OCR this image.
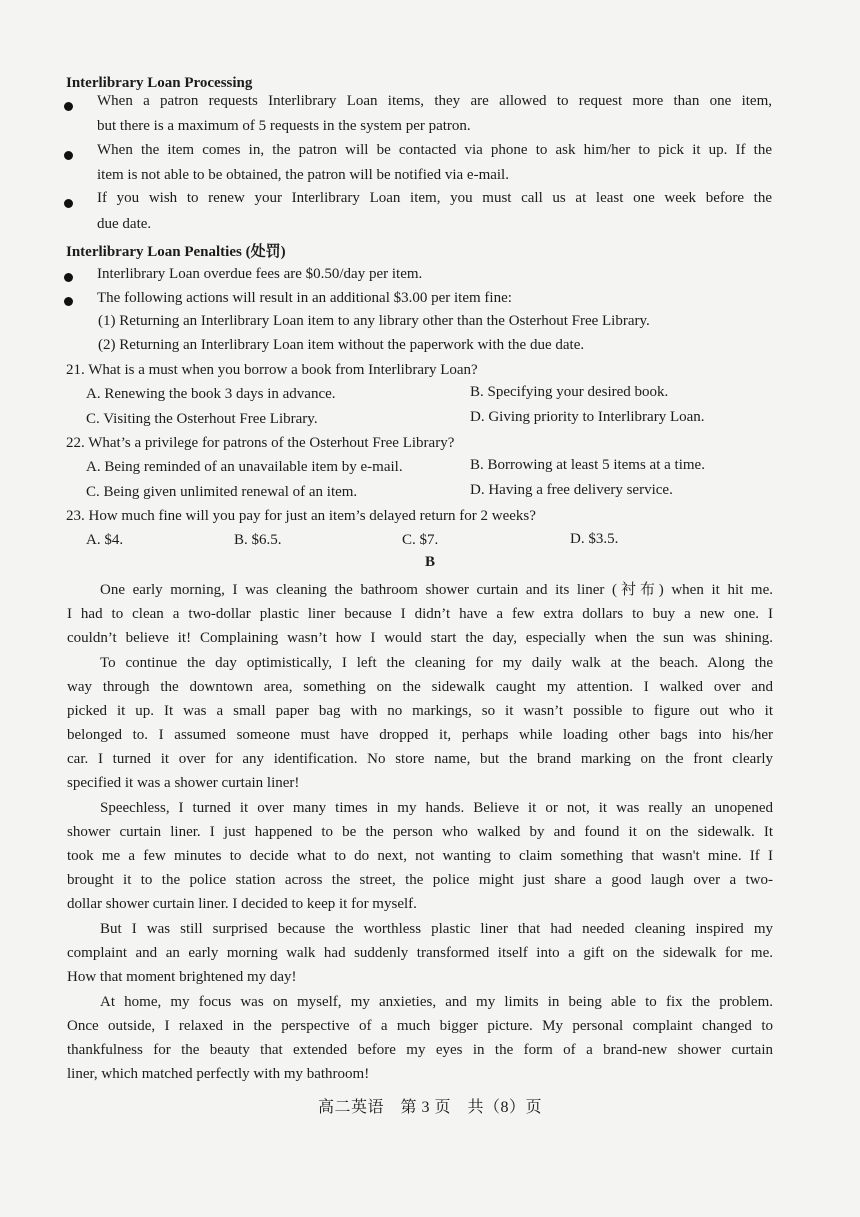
Interlibrary Loan Processing
When a patron requests Interlibrary Loan items, they are allowed to request more than one item,
but there is a maximum of 5 requests in the system per patron.
When the item comes in, the patron will be contacted via phone to ask him/her to pick it up. If the
item is not able to be obtained, the patron will be notified via e-mail.
If you wish to renew your Interlibrary Loan item, you must call us at least one week before the
due date.
Interlibrary Loan Penalties (处罚)
Interlibrary Loan overdue fees are $0.50/day per item.
The following actions will result in an additional $3.00 per item fine:
(1) Returning an Interlibrary Loan item to any library other than the Osterhout Free Library.
(2) Returning an Interlibrary Loan item without the paperwork with the due date.
21. What is a must when you borrow a book from Interlibrary Loan?
A. Renewing the book 3 days in advance.	B. Specifying your desired book.
C. Visiting the Osterhout Free Library.	D. Giving priority to Interlibrary Loan.
22. What’s a privilege for patrons of the Osterhout Free Library?
A. Being reminded of an unavailable item by e-mail.	B. Borrowing at least 5 items at a time.
C. Being given unlimited renewal of an item.	D. Having a free delivery service.
23. How much fine will you pay for just an item’s delayed return for 2 weeks?
A. $4.	B. $6.5.	C. $7.	D. $3.5.
B
One early morning, I was cleaning the bathroom shower curtain and its liner (衬布) when it hit me.
I had to clean a two-dollar plastic liner because I didn’t have a few extra dollars to buy a new one. I
couldn’t believe it! Complaining wasn’t how I would start the day, especially when the sun was shining.
To continue the day optimistically, I left the cleaning for my daily walk at the beach. Along the
way through the downtown area, something on the sidewalk caught my attention. I walked over and
picked it up. It was a small paper bag with no markings, so it wasn’t possible to figure out who it
belonged to. I assumed someone must have dropped it, perhaps while loading other bags into his/her
car. I turned it over for any identification. No store name, but the brand marking on the front clearly
specified it was a shower curtain liner!
Speechless, I turned it over many times in my hands. Believe it or not, it was really an unopened
shower curtain liner. I just happened to be the person who walked by and found it on the sidewalk. It
took me a few minutes to decide what to do next, not wanting to claim something that wasn't mine. If I
brought it to the police station across the street, the police might just share a good laugh over a two-
dollar shower curtain liner. I decided to keep it for myself.
But I was still surprised because the worthless plastic liner that had needed cleaning inspired my
complaint and an early morning walk had suddenly transformed itself into a gift on the sidewalk for me.
How that moment brightened my day!
At home, my focus was on myself, my anxieties, and my limits in being able to fix the problem.
Once outside, I relaxed in the perspective of a much bigger picture. My personal complaint changed to
thankfulness for the beauty that extended before my eyes in the form of a brand-new shower curtain
liner, which matched perfectly with my bathroom!
高二英语　第 3 页　共（8）页
